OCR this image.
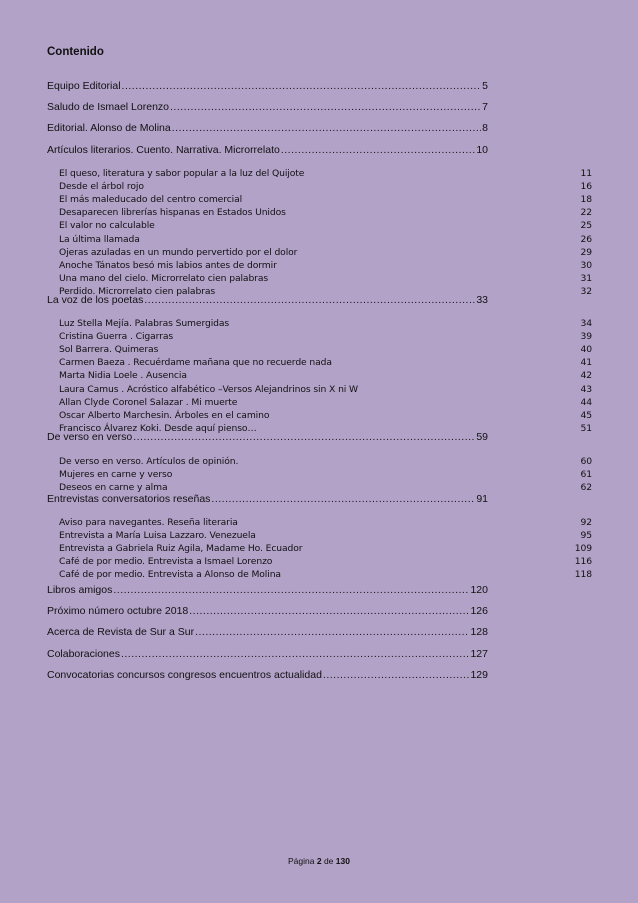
Contenido
Equipo Editorial .....	5
Saludo de Ismael Lorenzo .....	7
Editorial. Alonso de Molina .....	8
Artículos literarios. Cuento. Narrativa. Microrrelato .....	10
El queso, literatura y sabor popular a la luz del Quijote	11
Desde el árbol rojo	16
El más maleducado del centro comercial	18
Desaparecen librerías hispanas en Estados Unidos	22
El valor no calculable	25
La última llamada	26
Ojeras azuladas en un mundo pervertido por el dolor	29
Anoche Tánatos besó mis labios antes de dormir	30
Una mano del cielo. Microrrelato cien palabras	31
Perdido. Microrrelato cien palabras	32
La voz de los poetas .....	33
Luz Stella Mejía. Palabras Sumergidas	34
Cristina Guerra . Cigarras	39
Sol Barrera. Quimeras	40
Carmen Baeza . Recuérdame mañana que no recuerde nada	41
Marta Nidia Loele . Ausencia	42
Laura Camus . Acróstico alfabético –Versos Alejandrinos sin X ni W	43
Allan Clyde Coronel Salazar . Mi muerte	44
Oscar Alberto Marchesin. Árboles en el camino	45
Francisco Álvarez Koki. Desde aquí pienso…	51
De verso en verso .....	59
De verso en verso. Artículos de opinión.	60
Mujeres en carne y verso	61
Deseos en carne y alma	62
Entrevistas conversatorios reseñas .....	91
Aviso para navegantes. Reseña literaria	92
Entrevista a María Luisa Lazzaro. Venezuela	95
Entrevista a Gabriela Ruiz Agila, Madame Ho. Ecuador	109
Café de por medio. Entrevista a Ismael Lorenzo	116
Café de por medio. Entrevista a Alonso de Molina	118
Libros amigos .....	120
Próximo número octubre 2018 .....	126
Acerca de Revista de Sur a Sur .....	128
Colaboraciones .....	127
Convocatorias concursos congresos encuentros actualidad .....	129
Página 2 de 130
